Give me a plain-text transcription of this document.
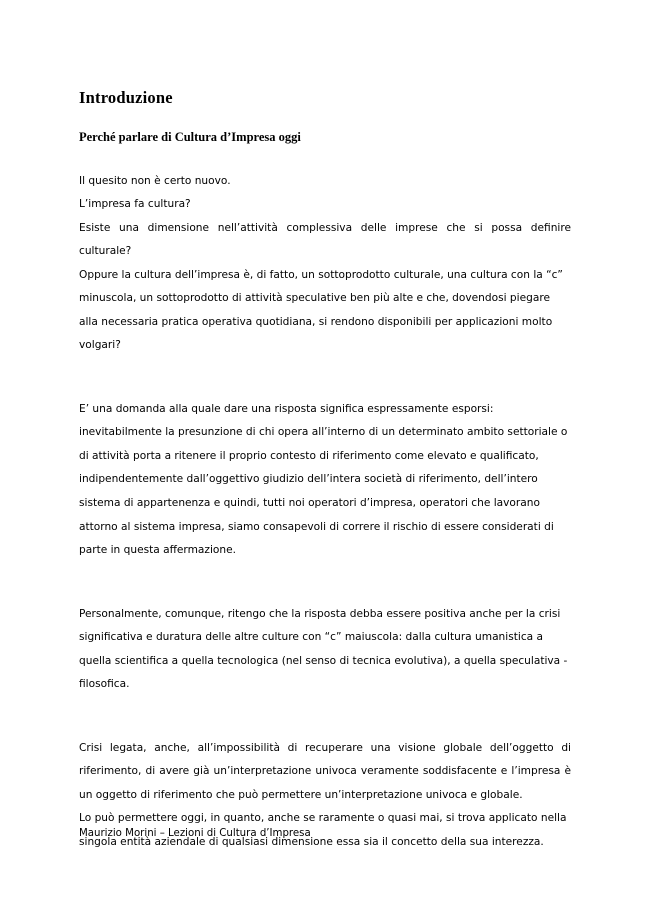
Introduzione
Perché parlare di Cultura d’Impresa oggi

Il quesito non è certo nuovo.

L’impresa fa cultura?

Esiste una dimensione nell’attività complessiva delle imprese che si possa definire culturale?

Oppure la cultura dell’impresa è, di fatto, un sottoprodotto culturale, una cultura con la “c” minuscola, un sottoprodotto di attività speculative ben più alte e che, dovendosi piegare alla necessaria pratica operativa quotidiana, si rendono disponibili per applicazioni molto volgari?

E’ una domanda alla quale dare una risposta significa espressamente esporsi: inevitabilmente la presunzione di chi opera all’interno di un determinato ambito settoriale o di attività porta a ritenere il proprio contesto di riferimento come elevato e qualificato, indipendentemente dall’oggettivo giudizio dell’intera società di riferimento, dell’intero sistema di appartenenza e quindi, tutti noi operatori d’impresa, operatori che lavorano attorno al sistema impresa, siamo consapevoli di correre il rischio di essere considerati di parte in questa affermazione.

Personalmente, comunque, ritengo che la risposta debba essere positiva anche per la crisi significativa e duratura delle altre culture con “c” maiuscola: dalla cultura umanistica a quella scientifica a quella tecnologica (nel senso di tecnica evolutiva), a quella speculativa -filosofica.

Crisi legata, anche, all’impossibilità di recuperare una visione globale dell’oggetto di riferimento, di avere già un’interpretazione univoca veramente soddisfacente e l’impresa è un oggetto di riferimento che può permettere un’interpretazione univoca e globale.

Lo può permettere oggi, in quanto, anche se raramente o quasi mai, si trova applicato nella singola entità aziendale di qualsiasi dimensione essa sia il concetto della sua interezza.

Maurizio Morini – Lezioni di Cultura d’Impresa
